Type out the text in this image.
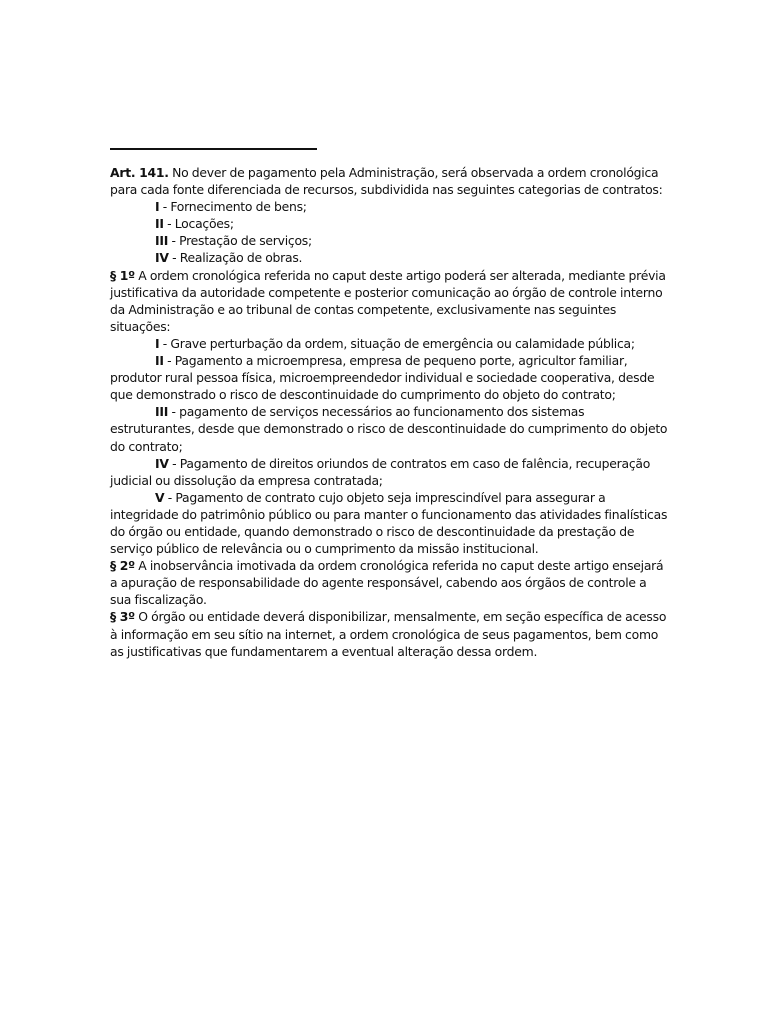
Art. 141. No dever de pagamento pela Administração, será observada a ordem cronológica para cada fonte diferenciada de recursos, subdividida nas seguintes categorias de contratos:

I - Fornecimento de bens;

II - Locações;

III - Prestação de serviços;

IV - Realização de obras.

§ 1º A ordem cronológica referida no caput deste artigo poderá ser alterada, mediante prévia justificativa da autoridade competente e posterior comunicação ao órgão de controle interno da Administração e ao tribunal de contas competente, exclusivamente nas seguintes situações:

I - Grave perturbação da ordem, situação de emergência ou calamidade pública;

II - Pagamento a microempresa, empresa de pequeno porte, agricultor familiar, produtor rural pessoa física, microempreendedor individual e sociedade cooperativa, desde que demonstrado o risco de descontinuidade do cumprimento do objeto do contrato;

III - pagamento de serviços necessários ao funcionamento dos sistemas estruturantes, desde que demonstrado o risco de descontinuidade do cumprimento do objeto do contrato;

IV - Pagamento de direitos oriundos de contratos em caso de falência, recuperação judicial ou dissolução da empresa contratada;

V - Pagamento de contrato cujo objeto seja imprescindível para assegurar a integridade do patrimônio público ou para manter o funcionamento das atividades finalísticas do órgão ou entidade, quando demonstrado o risco de descontinuidade da prestação de serviço público de relevância ou o cumprimento da missão institucional.

§ 2º A inobservância imotivada da ordem cronológica referida no caput deste artigo ensejará a apuração de responsabilidade do agente responsável, cabendo aos órgãos de controle a sua fiscalização.

§ 3º O órgão ou entidade deverá disponibilizar, mensalmente, em seção específica de acesso à informação em seu sítio na internet, a ordem cronológica de seus pagamentos, bem como as justificativas que fundamentarem a eventual alteração dessa ordem.
